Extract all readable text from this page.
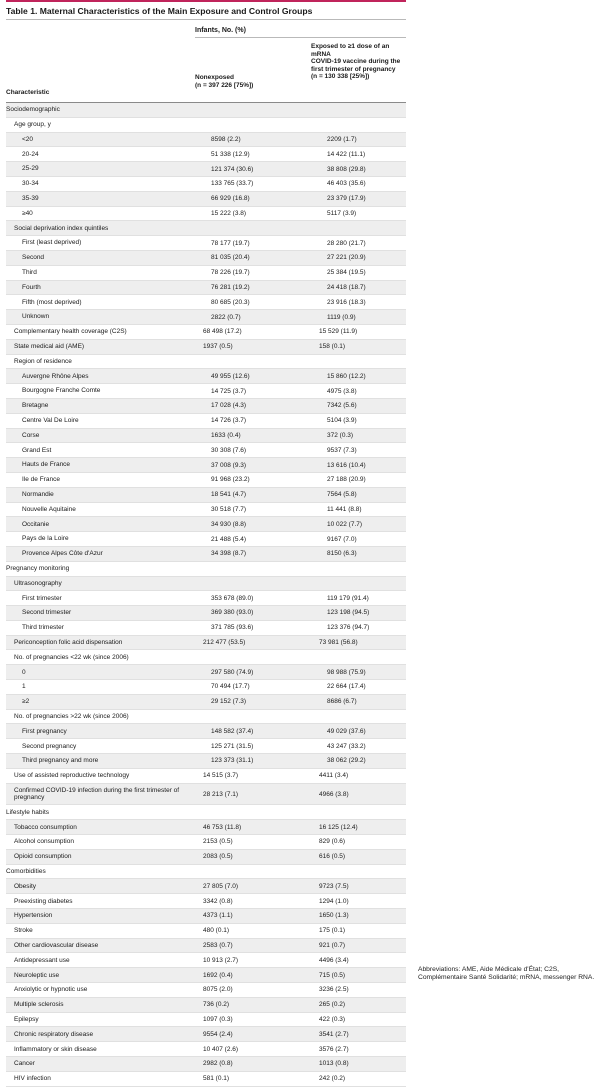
Table 1. Maternal Characteristics of the Main Exposure and Control Groups
Infants, No. (%)
Nonexposed
(n = 397 226 [75%])
Exposed to ≥1 dose of an mRNA
COVID-19 vaccine during the
first trimester of pregnancy
(n = 130 338 [25%])
Characteristic
Sociodemographic
Age group, y
<20	8598 (2.2)	2209 (1.7)
20-24	51 338 (12.9)	14 422 (11.1)
25-29	121 374 (30.6)	38 808 (29.8)
30-34	133 765 (33.7)	46 403 (35.6)
35-39	66 929 (16.8)	23 379 (17.9)
≥40	15 222 (3.8)	5117 (3.9)
Social deprivation index quintiles
First (least deprived)	78 177 (19.7)	28 280 (21.7)
Second	81 035 (20.4)	27 221 (20.9)
Third	78 226 (19.7)	25 384 (19.5)
Fourth	76 281 (19.2)	24 418 (18.7)
Fifth (most deprived)	80 685 (20.3)	23 916 (18.3)
Unknown	2822 (0.7)	1119 (0.9)
Complementary health coverage (C2S)	68 498 (17.2)	15 529 (11.9)
State medical aid (AME)	1937 (0.5)	158 (0.1)
Region of residence
Auvergne Rhône Alpes	49 955 (12.6)	15 860 (12.2)
Bourgogne Franche Comte	14 725 (3.7)	4975 (3.8)
Bretagne	17 028 (4.3)	7342 (5.6)
Centre Val De Loire	14 726 (3.7)	5104 (3.9)
Corse	1633 (0.4)	372 (0.3)
Grand Est	30 308 (7.6)	9537 (7.3)
Hauts de France	37 008 (9.3)	13 616 (10.4)
Ile de France	91 968 (23.2)	27 188 (20.9)
Normandie	18 541 (4.7)	7564 (5.8)
Nouvelle Aquitaine	30 518 (7.7)	11 441 (8.8)
Occitanie	34 930 (8.8)	10 022 (7.7)
Pays de la Loire	21 488 (5.4)	9167 (7.0)
Provence Alpes Côte d'Azur	34 398 (8.7)	8150 (6.3)
Pregnancy monitoring
Ultrasonography
First trimester	353 678 (89.0)	119 179 (91.4)
Second trimester	369 380 (93.0)	123 198 (94.5)
Third trimester	371 785 (93.6)	123 376 (94.7)
Periconception folic acid dispensation	212 477 (53.5)	73 981 (56.8)
No. of pregnancies <22 wk (since 2006)
0	297 580 (74.9)	98 988 (75.9)
1	70 494 (17.7)	22 664 (17.4)
≥2	29 152 (7.3)	8686 (6.7)
No. of pregnancies >22 wk (since 2006)
First pregnancy	148 582 (37.4)	49 029 (37.6)
Second pregnancy	125 271 (31.5)	43 247 (33.2)
Third pregnancy and more	123 373 (31.1)	38 062 (29.2)
Use of assisted reproductive technology	14 515 (3.7)	4411 (3.4)
Confirmed COVID-19 infection during the first trimester of pregnancy	28 213 (7.1)	4966 (3.8)
Lifestyle habits
Tobacco consumption	46 753 (11.8)	16 125 (12.4)
Alcohol consumption	2153 (0.5)	829 (0.6)
Opioid consumption	2083 (0.5)	616 (0.5)
Comorbidities
Obesity	27 805 (7.0)	9723 (7.5)
Preexisting diabetes	3342 (0.8)	1294 (1.0)
Hypertension	4373 (1.1)	1650 (1.3)
Stroke	480 (0.1)	175 (0.1)
Other cardiovascular disease	2583 (0.7)	921 (0.7)
Antidepressant use	10 913 (2.7)	4496 (3.4)
Neuroleptic use	1692 (0.4)	715 (0.5)
Anxiolytic or hypnotic use	8075 (2.0)	3236 (2.5)
Multiple sclerosis	736 (0.2)	265 (0.2)
Epilepsy	1097 (0.3)	422 (0.3)
Chronic respiratory disease	9554 (2.4)	3541 (2.7)
Inflammatory or skin disease	10 407 (2.6)	3576 (2.7)
Cancer	2982 (0.8)	1013 (0.8)
HIV infection	581 (0.1)	242 (0.2)
Abbreviations: AME, Aide Médicale d'État; C2S, Complémentaire Santé Solidarité; mRNA, messenger RNA.
